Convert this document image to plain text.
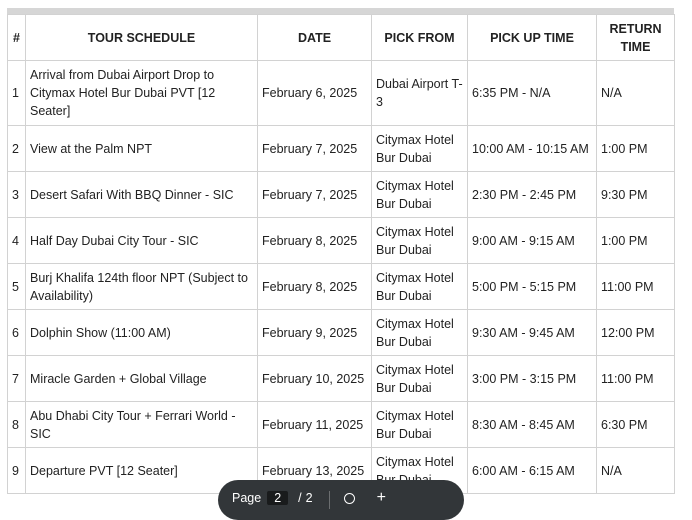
#	TOUR SCHEDULE	DATE	PICK FROM	PICK UP TIME	RETURN TIME
1	Arrival from Dubai Airport Drop to Citymax Hotel Bur Dubai PVT [12 Seater]	February 6, 2025	Dubai Airport T-3	6:35 PM - N/A	N/A
2	View at the Palm NPT	February 7, 2025	Citymax Hotel Bur Dubai	10:00 AM - 10:15 AM	1:00 PM
3	Desert Safari With BBQ Dinner - SIC	February 7, 2025	Citymax Hotel Bur Dubai	2:30 PM - 2:45 PM	9:30 PM
4	Half Day Dubai City Tour - SIC	February 8, 2025	Citymax Hotel Bur Dubai	9:00 AM - 9:15 AM	1:00 PM
5	Burj Khalifa 124th floor NPT (Subject to Availability)	February 8, 2025	Citymax Hotel Bur Dubai	5:00 PM - 5:15 PM	11:00 PM
6	Dolphin Show (11:00 AM)	February 9, 2025	Citymax Hotel Bur Dubai	9:30 AM - 9:45 AM	12:00 PM
7	Miracle Garden + Global Village	February 10, 2025	Citymax Hotel Bur Dubai	3:00 PM - 3:15 PM	11:00 PM
8	Abu Dhabi City Tour + Ferrari World - SIC	February 11, 2025	Citymax Hotel Bur Dubai	8:30 AM - 8:45 AM	6:30 PM
9	Departure PVT [12 Seater]	February 13, 2025	Citymax Hotel	6:00 AM - 6:15 AM	N/A
Page	2	/ 2	+
